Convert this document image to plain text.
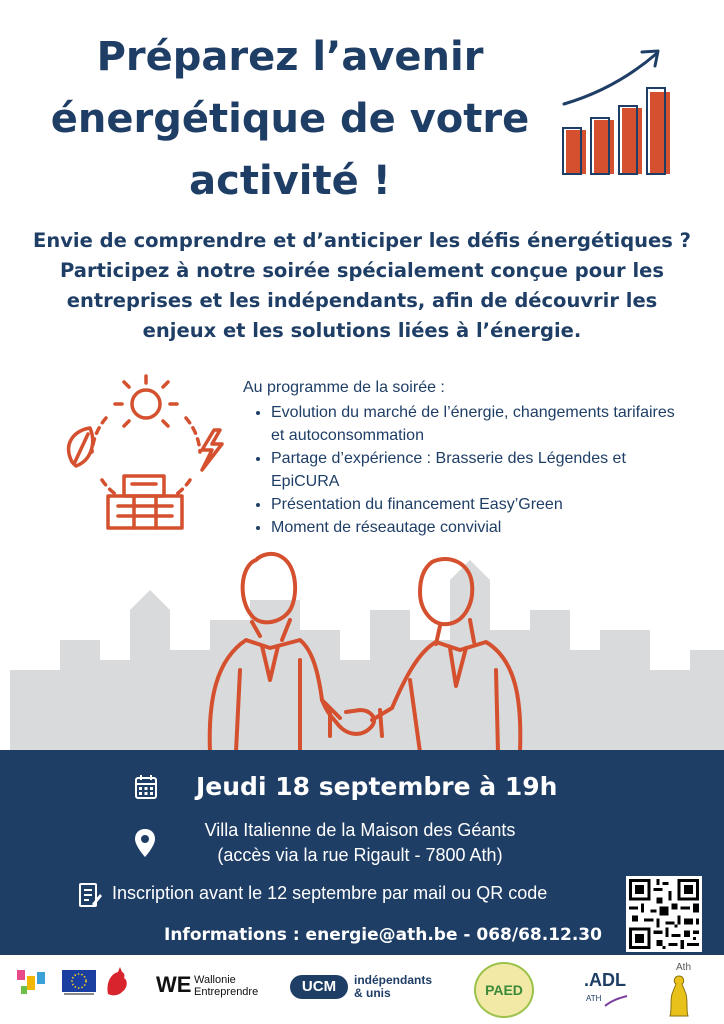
Préparez l’avenir
énergétique de votre
activité !
Envie de comprendre et d’anticiper les défis énergétiques ?
Participez à notre soirée spécialement conçue pour les
entreprises et les indépendants, afin de découvrir les
enjeux et les solutions liées à l’énergie.
Au programme de la soirée :
• Evolution du marché de l’énergie, changements tarifaires et autoconsommation
• Partage d’expérience : Brasserie des Légendes et EpiCURA
• Présentation du financement Easy’Green
• Moment de réseautage convivial
Jeudi 18 septembre à 19h
Villa Italienne de la Maison des Géants
(accès via la rue Rigault - 7800 Ath)
Inscription avant le 12 septembre par mail ou QR code
Informations : energie@ath.be - 068/68.12.30
WE Wallonie
Entreprendre	UCM	indépendants
& unis	PAED	.ADL
ATH
Ath
